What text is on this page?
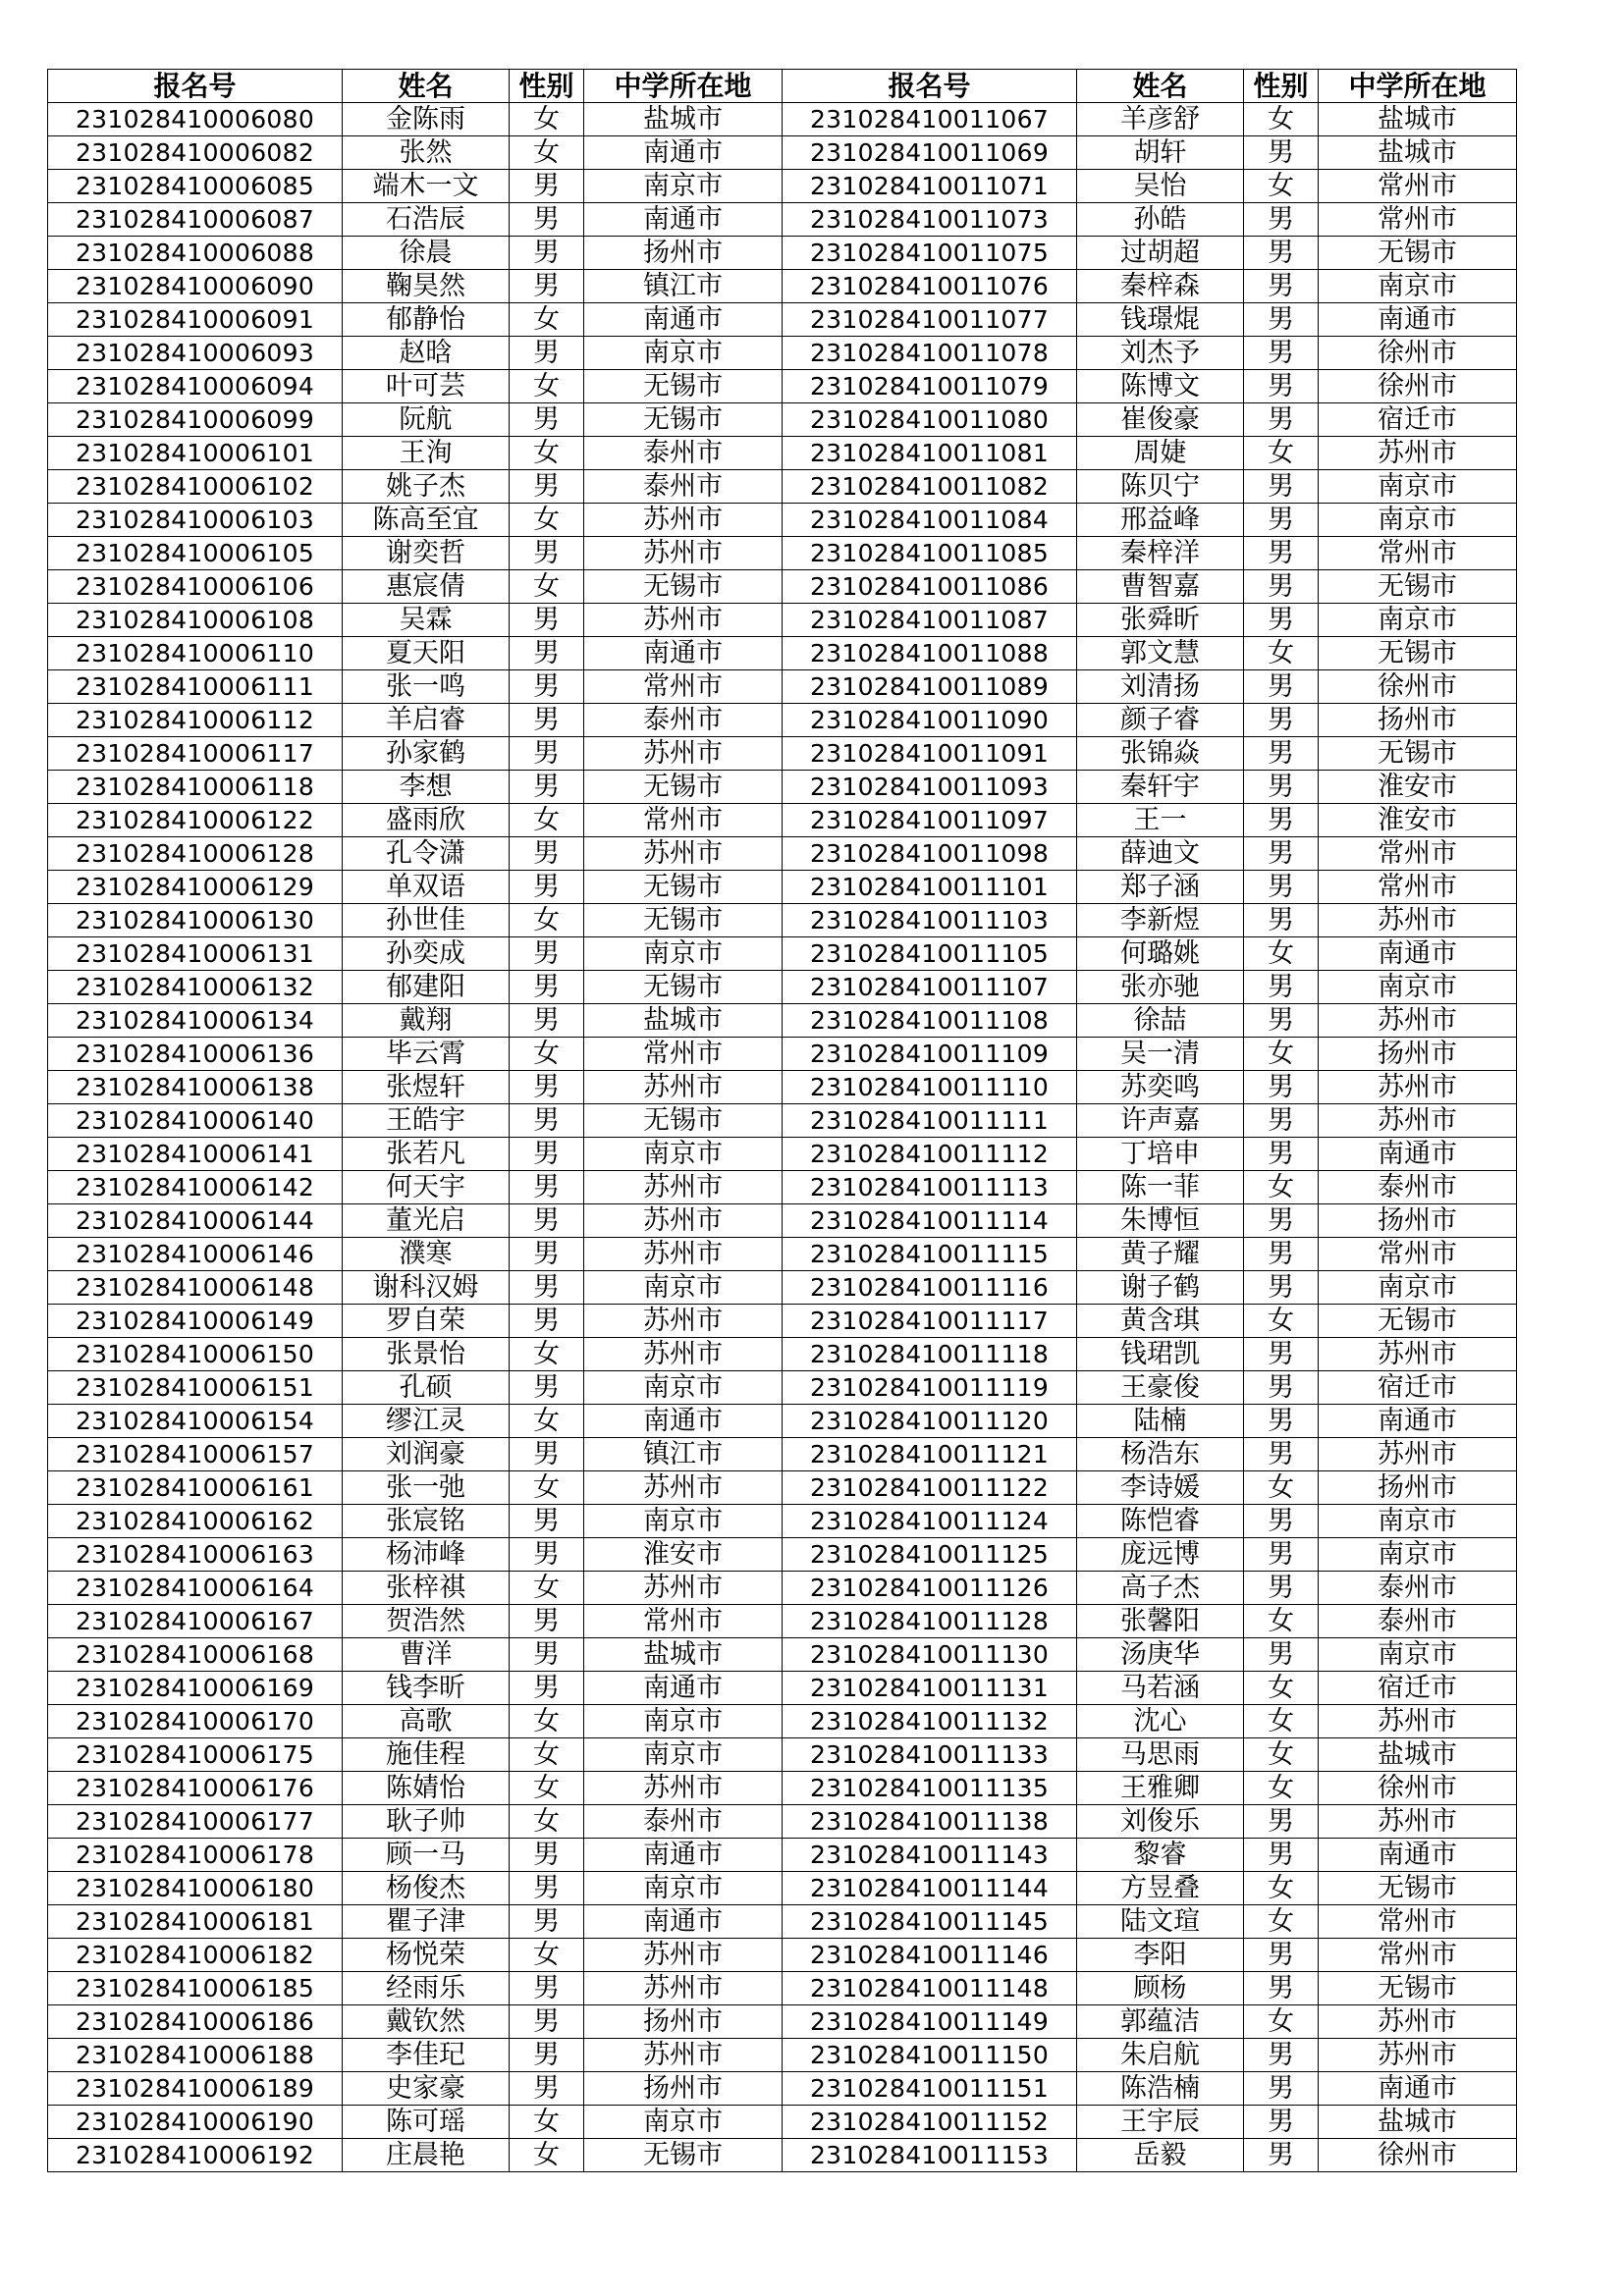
报名号	姓名	性别	中学所在地	报名号	姓名	性别	中学所在地
231028410006080	金陈雨	女	盐城市	231028410011067	羊彦舒	女	盐城市
231028410006082	张然	女	南通市	231028410011069	胡轩	男	盐城市
231028410006085	端木一文	男	南京市	231028410011071	吴怡	女	常州市
231028410006087	石浩辰	男	南通市	231028410011073	孙皓	男	常州市
231028410006088	徐晨	男	扬州市	231028410011075	过胡超	男	无锡市
231028410006090	鞠昊然	男	镇江市	231028410011076	秦梓森	男	南京市
231028410006091	郁静怡	女	南通市	231028410011077	钱璟焜	男	南通市
231028410006093	赵晗	男	南京市	231028410011078	刘杰予	男	徐州市
231028410006094	叶可芸	女	无锡市	231028410011079	陈博文	男	徐州市
231028410006099	阮航	男	无锡市	231028410011080	崔俊豪	男	宿迁市
231028410006101	王洵	女	泰州市	231028410011081	周婕	女	苏州市
231028410006102	姚子杰	男	泰州市	231028410011082	陈贝宁	男	南京市
231028410006103	陈高至宜	女	苏州市	231028410011084	邢益峰	男	南京市
231028410006105	谢奕哲	男	苏州市	231028410011085	秦梓洋	男	常州市
231028410006106	惠宸倩	女	无锡市	231028410011086	曹智嘉	男	无锡市
231028410006108	吴霖	男	苏州市	231028410011087	张舜昕	男	南京市
231028410006110	夏天阳	男	南通市	231028410011088	郭文慧	女	无锡市
231028410006111	张一鸣	男	常州市	231028410011089	刘清扬	男	徐州市
231028410006112	羊启睿	男	泰州市	231028410011090	颜子睿	男	扬州市
231028410006117	孙家鹤	男	苏州市	231028410011091	张锦焱	男	无锡市
231028410006118	李想	男	无锡市	231028410011093	秦轩宇	男	淮安市
231028410006122	盛雨欣	女	常州市	231028410011097	王一	男	淮安市
231028410006128	孔令潇	男	苏州市	231028410011098	薛迪文	男	常州市
231028410006129	单双语	男	无锡市	231028410011101	郑子涵	男	常州市
231028410006130	孙世佳	女	无锡市	231028410011103	李新煜	男	苏州市
231028410006131	孙奕成	男	南京市	231028410011105	何璐姚	女	南通市
231028410006132	郁建阳	男	无锡市	231028410011107	张亦驰	男	南京市
231028410006134	戴翔	男	盐城市	231028410011108	徐喆	男	苏州市
231028410006136	毕云霄	女	常州市	231028410011109	吴一清	女	扬州市
231028410006138	张煜轩	男	苏州市	231028410011110	苏奕鸣	男	苏州市
231028410006140	王皓宇	男	无锡市	231028410011111	许声嘉	男	苏州市
231028410006141	张若凡	男	南京市	231028410011112	丁培申	男	南通市
231028410006142	何天宇	男	苏州市	231028410011113	陈一菲	女	泰州市
231028410006144	董光启	男	苏州市	231028410011114	朱博恒	男	扬州市
231028410006146	濮寒	男	苏州市	231028410011115	黄子耀	男	常州市
231028410006148	谢科汉姆	男	南京市	231028410011116	谢子鹤	男	南京市
231028410006149	罗自荣	男	苏州市	231028410011117	黄含琪	女	无锡市
231028410006150	张景怡	女	苏州市	231028410011118	钱珺凯	男	苏州市
231028410006151	孔硕	男	南京市	231028410011119	王豪俊	男	宿迁市
231028410006154	缪江灵	女	南通市	231028410011120	陆楠	男	南通市
231028410006157	刘润豪	男	镇江市	231028410011121	杨浩东	男	苏州市
231028410006161	张一弛	女	苏州市	231028410011122	李诗媛	女	扬州市
231028410006162	张宸铭	男	南京市	231028410011124	陈恺睿	男	南京市
231028410006163	杨沛峰	男	淮安市	231028410011125	庞远博	男	南京市
231028410006164	张梓祺	女	苏州市	231028410011126	高子杰	男	泰州市
231028410006167	贺浩然	男	常州市	231028410011128	张馨阳	女	泰州市
231028410006168	曹洋	男	盐城市	231028410011130	汤庚华	男	南京市
231028410006169	钱李昕	男	南通市	231028410011131	马若涵	女	宿迁市
231028410006170	高歌	女	南京市	231028410011132	沈心	女	苏州市
231028410006175	施佳程	女	南京市	231028410011133	马思雨	女	盐城市
231028410006176	陈婧怡	女	苏州市	231028410011135	王雅卿	女	徐州市
231028410006177	耿子帅	女	泰州市	231028410011138	刘俊乐	男	苏州市
231028410006178	顾一马	男	南通市	231028410011143	黎睿	男	南通市
231028410006180	杨俊杰	男	南京市	231028410011144	方昱叠	女	无锡市
231028410006181	瞿子津	男	南通市	231028410011145	陆文瑄	女	常州市
231028410006182	杨悦荣	女	苏州市	231028410011146	李阳	男	常州市
231028410006185	经雨乐	男	苏州市	231028410011148	顾杨	男	无锡市
231028410006186	戴钦然	男	扬州市	231028410011149	郭蕴洁	女	苏州市
231028410006188	李佳玘	男	苏州市	231028410011150	朱启航	男	苏州市
231028410006189	史家豪	男	扬州市	231028410011151	陈浩楠	男	南通市
231028410006190	陈可瑶	女	南京市	231028410011152	王宇辰	男	盐城市
231028410006192	庄晨艳	女	无锡市	231028410011153	岳毅	男	徐州市
